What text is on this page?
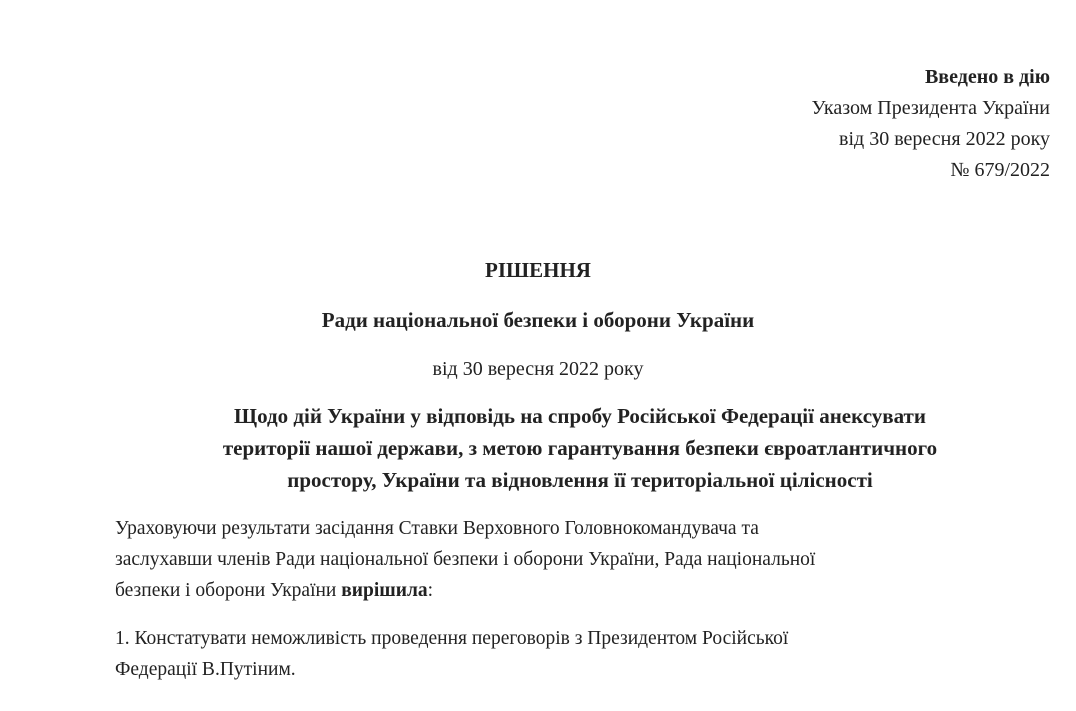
Введено в дію
Указом Президента України
від 30 вересня 2022 року
№ 679/2022
РІШЕННЯ
Ради національної безпеки і оборони України
від 30 вересня 2022 року
Щодо дій України у відповідь на спробу Російської Федерації анексувати
території нашої держави, з метою гарантування безпеки євроатлантичного
простору, України та відновлення її територіальної цілісності
Ураховуючи результати засідання Ставки Верховного Головнокомандувача та
заслухавши членів Ради національної безпеки і оборони України, Рада національної
безпеки і оборони України вирішила:
1. Констатувати неможливість проведення переговорів з Президентом Російської
Федерації В.Путіним.
